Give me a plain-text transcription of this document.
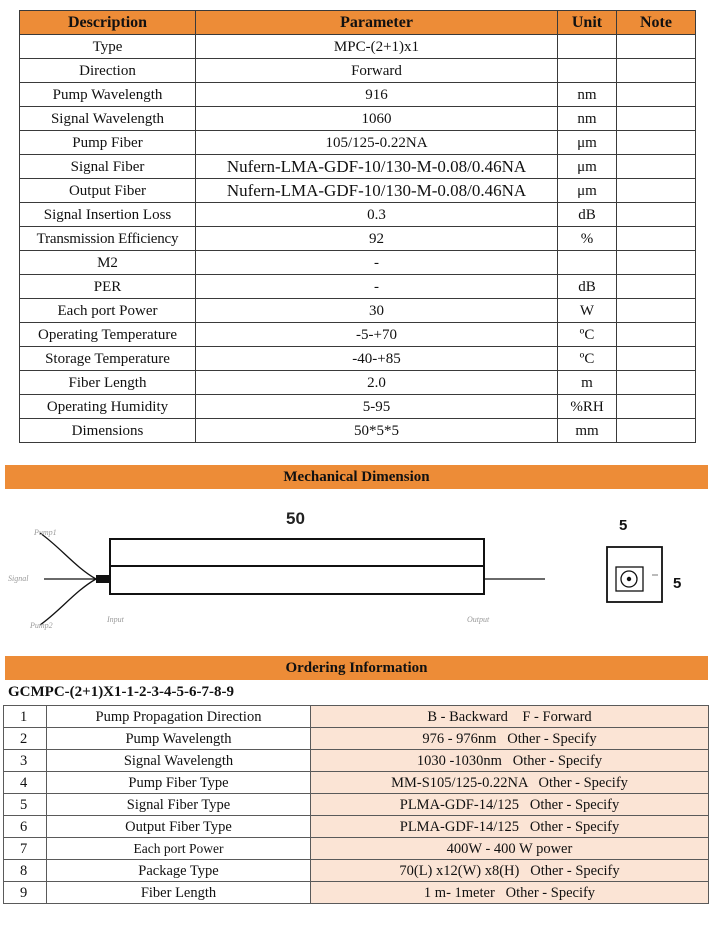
Description	Parameter	Unit	Note
Type	MPC-(2+1)x1		
Direction	Forward		
Pump Wavelength	916	nm	
Signal Wavelength	1060	nm	
Pump Fiber	105/125-0.22NA	μm	
Signal Fiber	Nufern-LMA-GDF-10/130-M-0.08/0.46NA	μm	
Output Fiber	Nufern-LMA-GDF-10/130-M-0.08/0.46NA	μm	
Signal Insertion Loss	0.3	dB	
Transmission Efficiency	92	%	
M2	-		
PER	-	dB	
Each port Power	30	W	
Operating Temperature	-5-+70	ºC	
Storage Temperature	-40-+85	ºC	
Fiber Length	2.0	m	
Operating Humidity	5-95	%RH	
Dimensions	50*5*5	mm	
Mechanical Dimension
50	5
5
Pump1
Signal
Pump2
Input	Output
Ordering Information
GCMPC-(2+1)X1-1-2-3-4-5-6-7-8-9
1	Pump Propagation Direction	B - Backward    F - Forward
2	Pump Wavelength	976 - 976nm   Other - Specify
3	Signal Wavelength	1030 -1030nm   Other - Specify
4	Pump Fiber Type	MM-S105/125-0.22NA   Other - Specify
5	Signal Fiber Type	PLMA-GDF-14/125   Other - Specify
6	Output Fiber Type	PLMA-GDF-14/125   Other - Specify
7	Each port Power	400W - 400 W power
8	Package Type	70(L) x12(W) x8(H)   Other - Specify
9	Fiber Length	1 m- 1meter   Other - Specify
